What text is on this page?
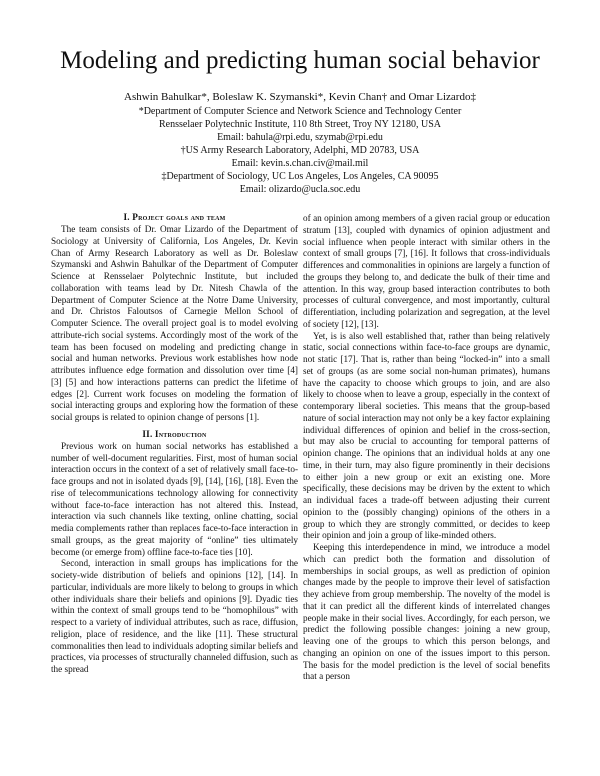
Modeling and predicting human social behavior
Ashwin Bahulkar*, Boleslaw K. Szymanski*, Kevin Chan† and Omar Lizardo‡
*Department of Computer Science and Network Science and Technology Center
Rensselaer Polytechnic Institute, 110 8th Street, Troy NY 12180, USA
Email: bahula@rpi.edu, szymab@rpi.edu
†US Army Research Laboratory, Adelphi, MD 20783, USA
Email: kevin.s.chan.civ@mail.mil
‡Department of Sociology, UC Los Angeles, Los Angeles, CA 90095
Email: olizardo@ucla.soc.edu
I. Project goals and team

The team consists of Dr. Omar Lizardo of the Department of Sociology at University of California, Los Angeles, Dr. Kevin Chan of Army Research Laboratory as well as Dr. Boleslaw Szymanski and Ashwin Bahulkar of the Department of Computer Science at Rensselaer Polytechnic Institute, but included collaboration with teams lead by Dr. Nitesh Chawla of the Department of Computer Science at the Notre Dame University, and Dr. Christos Faloutsos of Carnegie Mellon School of Computer Science. The overall project goal is to model evolving attribute-rich social systems. Accordingly most of the work of the team has been focused on modeling and predicting change in social and human networks. Previous work establishes how node attributes influence edge formation and dissolution over time [4] [3] [5] and how interactions patterns can predict the lifetime of edges [2]. Current work focuses on modeling the formation of social interacting groups and exploring how the formation of these social groups is related to opinion change of persons [1].

II. Introduction

Previous work on human social networks has established a number of well-document regularities. First, most of human social interaction occurs in the context of a set of relatively small face-to-face groups and not in isolated dyads [9], [14], [16], [18]. Even the rise of telecommunications technology allowing for connectivity without face-to-face interaction has not altered this. Instead, interaction via such channels like texting, online chatting, social media complements rather than replaces face-to-face interaction in small groups, as the great majority of “online” ties ultimately become (or emerge from) offline face-to-face ties [10].

Second, interaction in small groups has implications for the society-wide distribution of beliefs and opinions [12], [14]. In particular, individuals are more likely to belong to groups in which other individuals share their beliefs and opinions [9]. Dyadic ties within the context of small groups tend to be “homophilous” with respect to a variety of individual attributes, such as race, diffusion, religion, place of residence, and the like [11]. These structural commonalities then lead to individuals adopting similar beliefs and practices, via processes of structurally channeled diffusion, such as the spread

of an opinion among members of a given racial group or education stratum [13], coupled with dynamics of opinion adjustment and social influence when people interact with similar others in the context of small groups [7], [16]. It follows that cross-individuals differences and commonalities in opinions are largely a function of the groups they belong to, and dedicate the bulk of their time and attention. In this way, group based interaction contributes to both processes of cultural convergence, and most importantly, cultural differentiation, including polarization and segregation, at the level of society [12], [13].

Yet, is is also well established that, rather than being relatively static, social connections within face-to-face groups are dynamic, not static [17]. That is, rather than being “locked-in” into a small set of groups (as are some social non-human primates), humans have the capacity to choose which groups to join, and are also likely to choose when to leave a group, especially in the context of contemporary liberal societies. This means that the group-based nature of social interaction may not only be a key factor explaining individual differences of opinion and belief in the cross-section, but may also be crucial to accounting for temporal patterns of opinion change. The opinions that an individual holds at any one time, in their turn, may also figure prominently in their decisions to either join a new group or exit an existing one. More specifically, these decisions may be driven by the extent to which an individual faces a trade-off between adjusting their current opinion to the (possibly changing) opinions of the others in a group to which they are strongly committed, or decides to keep their opinion and join a group of like-minded others.

Keeping this interdependence in mind, we introduce a model which can predict both the formation and dissolution of memberships in social groups, as well as prediction of opinion changes made by the people to improve their level of satisfaction they achieve from group membership. The novelty of the model is that it can predict all the different kinds of interrelated changes people make in their social lives. Accordingly, for each person, we predict the following possible changes: joining a new group, leaving one of the groups to which this person belongs, and changing an opinion on one of the issues import to this person. The basis for the model prediction is the level of social benefits that a person
